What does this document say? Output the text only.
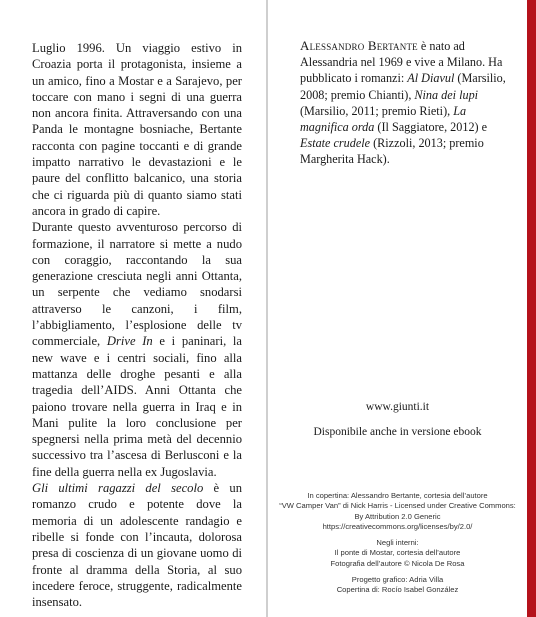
Luglio 1996. Un viaggio estivo in Croazia porta il protagonista, insieme a un amico, fino a Mostar e a Sarajevo, per toccare con mano i segni di una guerra non ancora finita. Attraversando con una Panda le montagne bosniache, Bertante racconta con pagine toccanti e di grande impatto narrativo le devastazioni e le paure del conflitto balcanico, una storia che ci riguarda più di quanto siamo stati ancora in grado di capire.

Durante questo avventuroso percorso di formazione, il narratore si mette a nudo con coraggio, raccontando la sua generazione cresciuta negli anni Ottanta, un serpente che vediamo snodarsi attraverso le canzoni, i film, l’abbigliamento, l’esplosione delle tv commerciale, Drive In e i paninari, la new wave e i centri sociali, fino alla mattanza delle droghe pesanti e alla tragedia dell’AIDS. Anni Ottanta che paiono trovare nella guerra in Iraq e in Mani pulite la loro conclusione per spegnersi nella prima metà del decennio successivo tra l’ascesa di Berlusconi e la fine della guerra nella ex Jugoslavia.

Gli ultimi ragazzi del secolo è un romanzo crudo e potente dove la memoria di un adolescente randagio e ribelle si fonde con l’incauta, dolorosa presa di coscienza di un giovane uomo di fronte al dramma della Storia, al suo incedere feroce, struggente, radicalmente insensato.

Alessandro Bertante è nato ad Alessandria nel 1969 e vive a Milano. Ha pubblicato i romanzi: Al Diavul (Marsilio, 2008; premio Chianti), Nina dei lupi (Marsilio, 2011; premio Rieti), La magnifica orda (Il Saggiatore, 2012) e Estate crudele (Rizzoli, 2013; premio Margherita Hack).
www.giunti.it
Disponibile anche in versione ebook
In copertina: Alessandro Bertante, cortesia dell’autore
“VW Camper Van” di Nick Harris - Licensed under Creative Commons:
By Attribution 2.0 Generic
https://creativecommons.org/licenses/by/2.0/
Negli interni:
Il ponte di Mostar, cortesia dell’autore
Fotografia dell’autore © Nicola De Rosa
Progetto grafico: Adria Villa
Copertina di: Rocío Isabel González
